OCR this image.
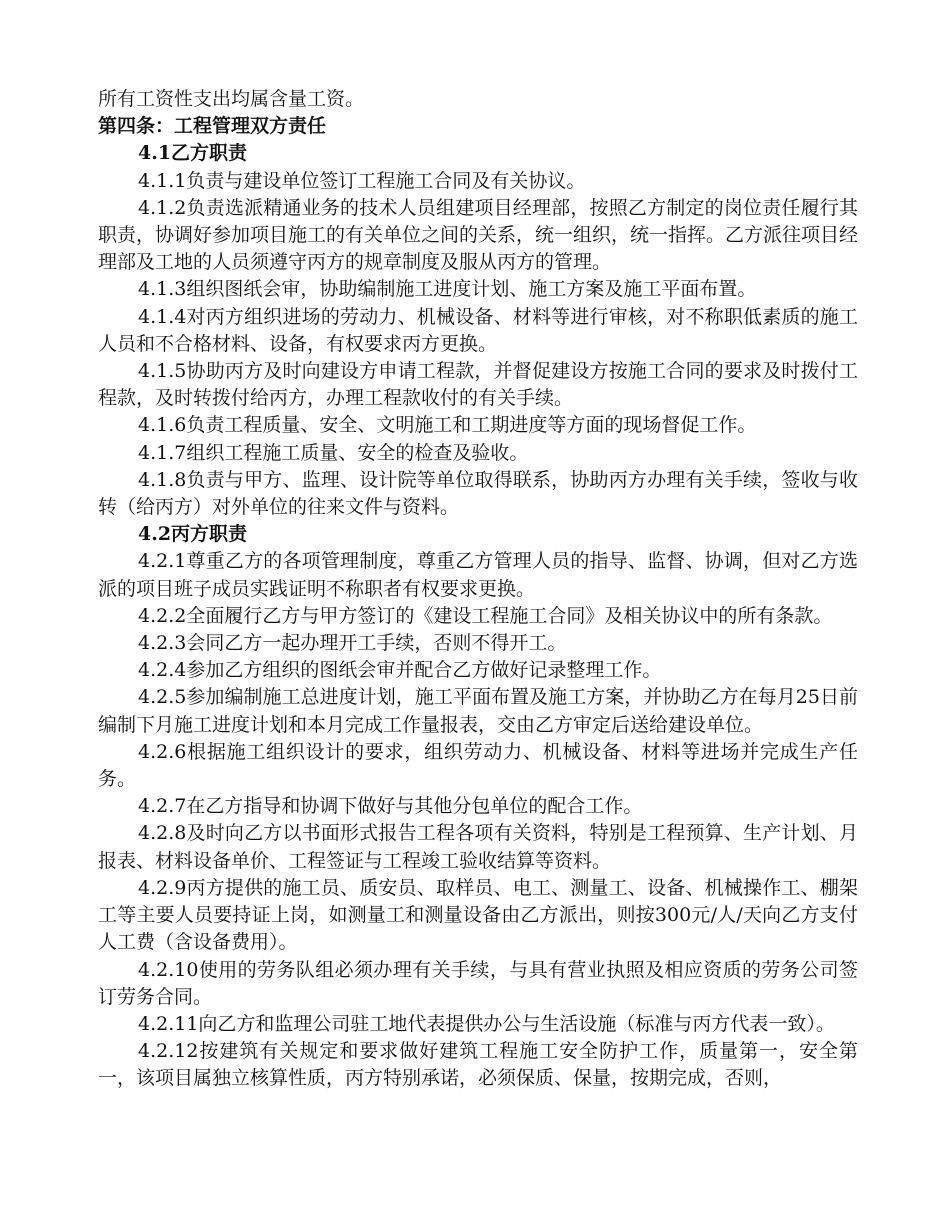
所有工资性支出均属含量工资。

第四条：工程管理双方责任

4.1乙方职责

4.1.1负责与建设单位签订工程施工合同及有关协议。

4.1.2负责选派精通业务的技术人员组建项目经理部，按照乙方制定的岗位责任履行其职责，协调好参加项目施工的有关单位之间的关系，统一组织，统一指挥。乙方派往项目经理部及工地的人员须遵守丙方的规章制度及服从丙方的管理。

4.1.3组织图纸会审，协助编制施工进度计划、施工方案及施工平面布置。

4.1.4对丙方组织进场的劳动力、机械设备、材料等进行审核，对不称职低素质的施工人员和不合格材料、设备，有权要求丙方更换。

4.1.5协助丙方及时向建设方申请工程款，并督促建设方按施工合同的要求及时拨付工程款，及时转拨付给丙方，办理工程款收付的有关手续。

4.1.6负责工程质量、安全、文明施工和工期进度等方面的现场督促工作。

4.1.7组织工程施工质量、安全的检查及验收。

4.1.8负责与甲方、监理、设计院等单位取得联系，协助丙方办理有关手续，签收与收转（给丙方）对外单位的往来文件与资料。

4.2丙方职责

4.2.1尊重乙方的各项管理制度，尊重乙方管理人员的指导、监督、协调，但对乙方选派的项目班子成员实践证明不称职者有权要求更换。

4.2.2全面履行乙方与甲方签订的《建设工程施工合同》及相关协议中的所有条款。

4.2.3会同乙方一起办理开工手续，否则不得开工。

4.2.4参加乙方组织的图纸会审并配合乙方做好记录整理工作。

4.2.5参加编制施工总进度计划，施工平面布置及施工方案，并协助乙方在每月25日前编制下月施工进度计划和本月完成工作量报表，交由乙方审定后送给建设单位。

4.2.6根据施工组织设计的要求，组织劳动力、机械设备、材料等进场并完成生产任务。

4.2.7在乙方指导和协调下做好与其他分包单位的配合工作。

4.2.8及时向乙方以书面形式报告工程各项有关资料，特别是工程预算、生产计划、月报表、材料设备单价、工程签证与工程竣工验收结算等资料。

4.2.9丙方提供的施工员、质安员、取样员、电工、测量工、设备、机械操作工、棚架工等主要人员要持证上岗，如测量工和测量设备由乙方派出，则按300元/人/天向乙方支付人工费（含设备费用）。

4.2.10使用的劳务队组必须办理有关手续，与具有营业执照及相应资质的劳务公司签订劳务合同。

4.2.11向乙方和监理公司驻工地代表提供办公与生活设施（标准与丙方代表一致）。

4.2.12按建筑有关规定和要求做好建筑工程施工安全防护工作，质量第一，安全第一，该项目属独立核算性质，丙方特别承诺，必须保质、保量，按期完成，否则，
